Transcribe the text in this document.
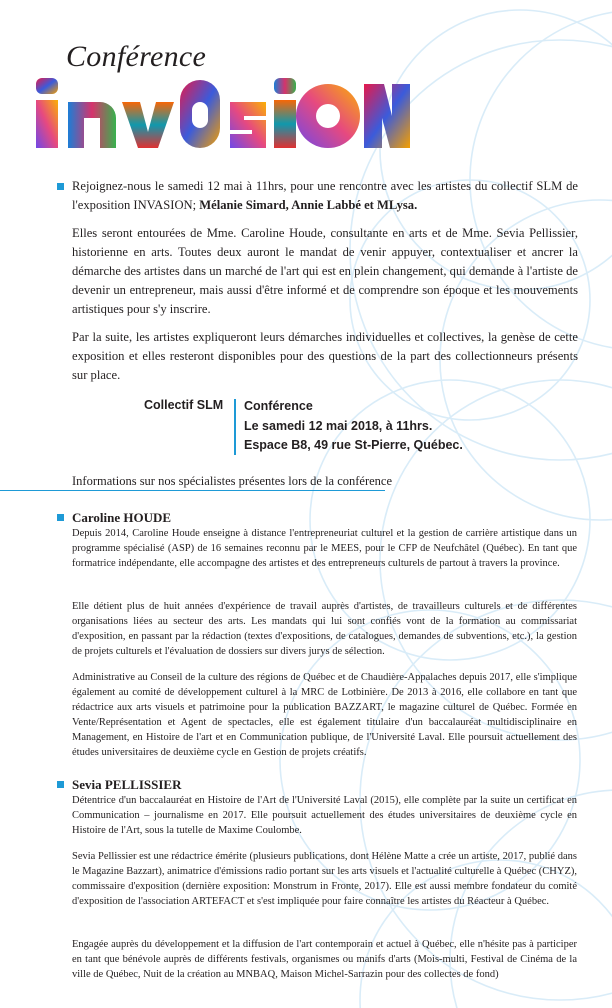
Conférence

Rejoignez-nous le samedi 12 mai à 11hrs, pour une rencontre avec les artistes du collectif SLM de l'exposition INVASION; Mélanie Simard, Annie Labbé et MLysa.

Elles seront entourées de Mme. Caroline Houde, consultante en arts et de Mme. Sevia Pellissier, historienne en arts. Toutes deux auront le mandat de venir appuyer, contextualiser et ancrer la démarche des artistes dans un marché de l'art qui est en plein changement, qui demande à l'artiste de devenir un entrepreneur, mais aussi d'être informé et de comprendre son époque et les mouvements artistiques pour s'y inscrire.

Par la suite, les artistes expliqueront leurs démarches individuelles et collectives, la genèse de cette exposition et elles resteront disponibles pour des questions de la part des collectionneurs présents sur place.

Collectif SLM	Conférence
Le samedi 12 mai 2018, à 11hrs.
Espace B8, 49 rue St-Pierre, Québec.
Informations sur nos spécialistes présentes lors de la conférence
Caroline HOUDE

Depuis 2014, Caroline Houde enseigne à distance l'entrepreneuriat culturel et la gestion de carrière artistique dans un programme spécialisé (ASP) de 16 semaines reconnu par le MEES, pour le CFP de Neufchâtel (Québec). En tant que formatrice indépendante, elle accompagne des artistes et des entrepreneurs culturels de partout à travers la province.

Elle détient plus de huit années d'expérience de travail auprès d'artistes, de travailleurs culturels et de différentes organisations liées au secteur des arts. Les mandats qui lui sont confiés vont de la formation au commissariat d'exposition, en passant par la rédaction (textes d'expositions, de catalogues, demandes de subventions, etc.), la gestion de projets culturels et l'évaluation de dossiers sur divers jurys de sélection.

Administrative au Conseil de la culture des régions de Québec et de Chaudière-Appalaches depuis 2017, elle s'implique également au comité de développement culturel à la MRC de Lotbinière. De 2013 à 2016, elle collabore en tant que rédactrice aux arts visuels et patrimoine pour la publication BAZZART, le magazine culturel de Québec. Formée en Vente/Représentation et Agent de spectacles, elle est également titulaire d'un baccalauréat multidisciplinaire en Management, en Histoire de l'art et en Communication publique, de l'Université Laval. Elle poursuit actuellement des études universitaires de deuxième cycle en Gestion de projets créatifs.

Sevia PELLISSIER

Détentrice d'un baccalauréat en Histoire de l'Art de l'Université Laval (2015), elle complète par la suite un certificat en Communication – journalisme en 2017. Elle poursuit actuellement des études universitaires de deuxième cycle en Histoire de l'Art, sous la tutelle de Maxime Coulombe.

Sevia Pellissier est une rédactrice émérite (plusieurs publications, dont Hélène Matte a crée un artiste, 2017, publié dans le Magazine Bazzart), animatrice d'émissions radio portant sur les arts visuels et l'actualité culturelle à Québec (CHYZ), commissaire d'exposition (dernière exposition: Monstrum in Fronte, 2017). Elle est aussi membre fondateur du comité d'exposition de l'association ARTEFACT et s'est impliquée pour faire connaître les artistes du Réacteur à Québec.

Engagée auprès du développement et la diffusion de l'art contemporain et actuel à Québec, elle n'hésite pas à participer en tant que bénévole auprès de différents festivals, organismes ou manifs d'arts (Mois-multi, Festival de Cinéma de la ville de Québec, Nuit de la création au MNBAQ, Maison Michel-Sarrazin pour des collectes de fond)
